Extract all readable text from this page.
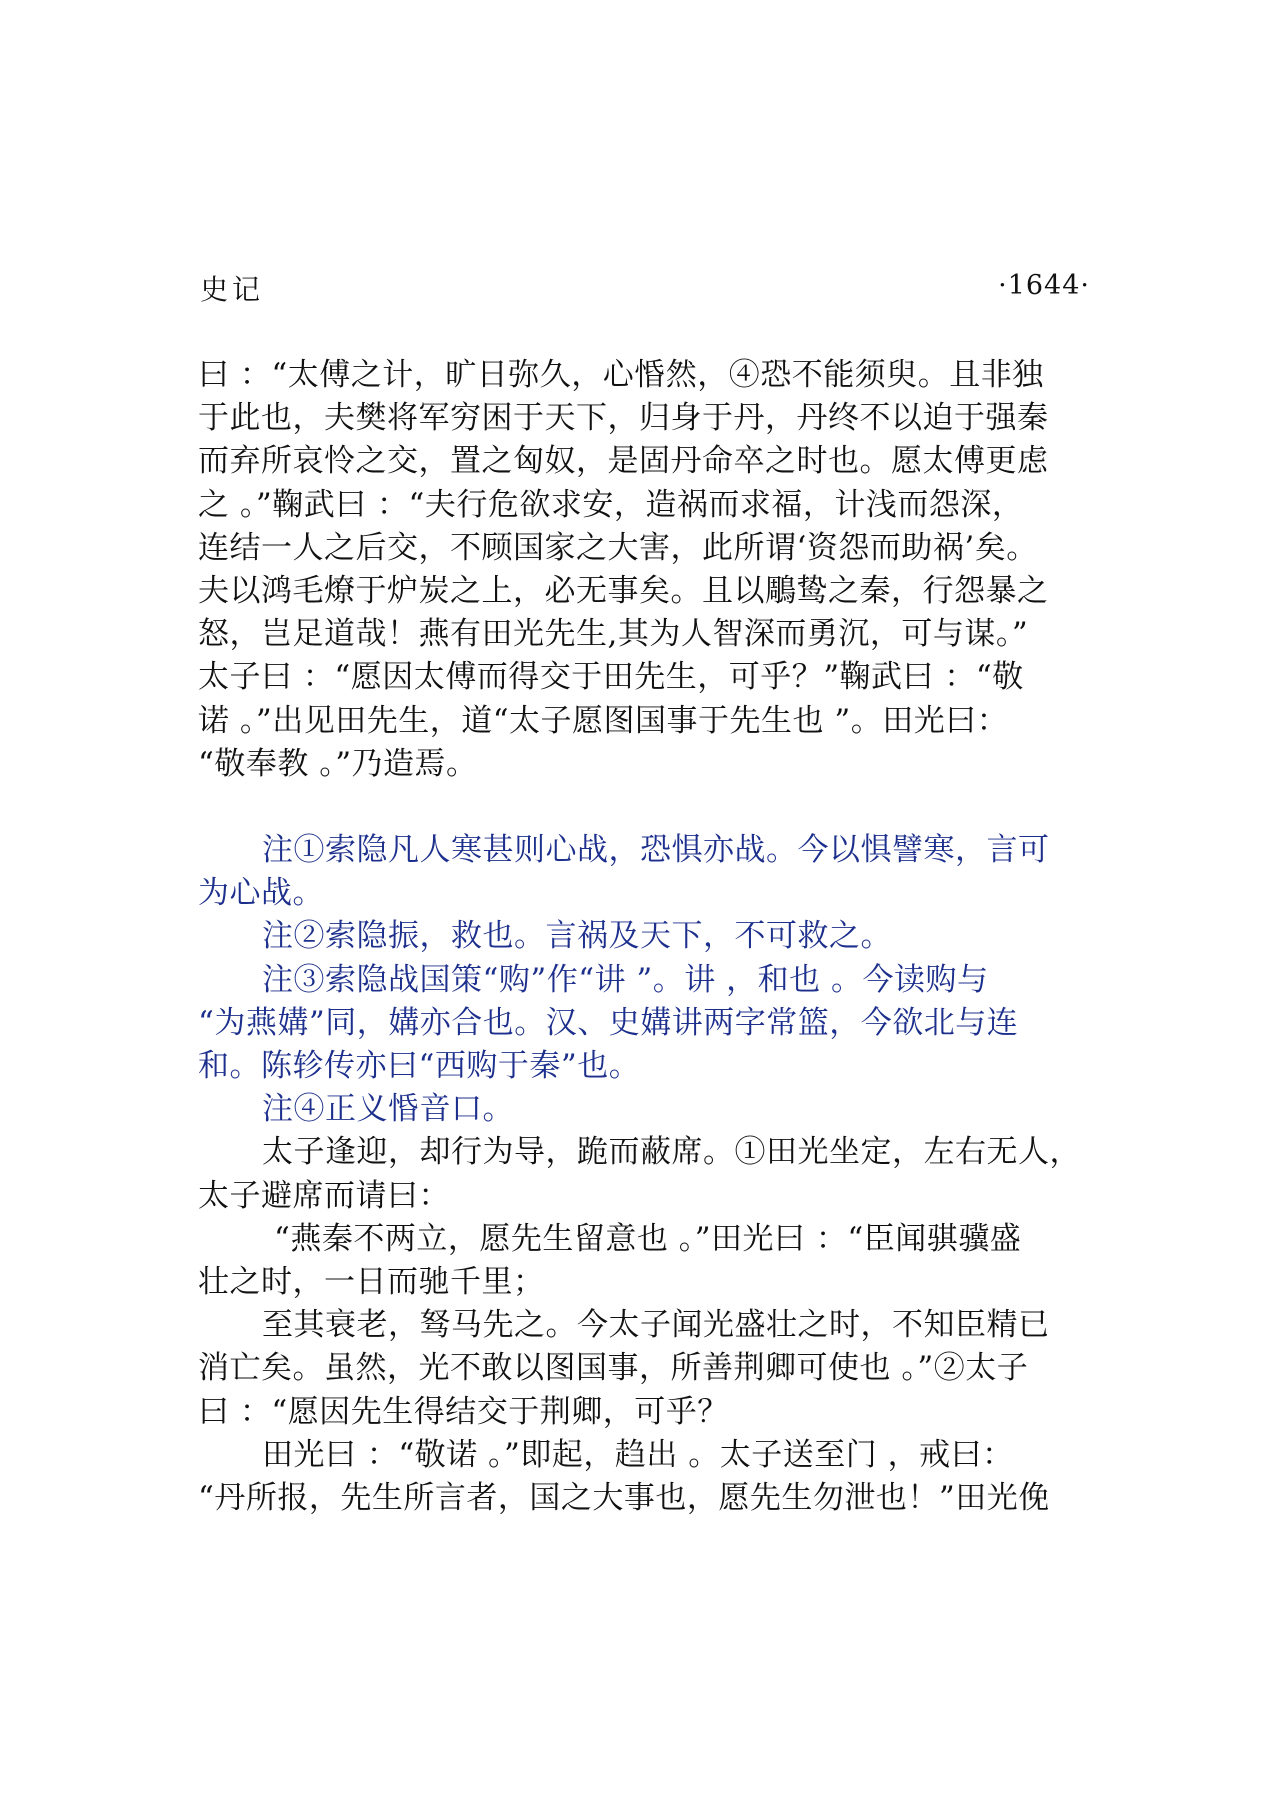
史记	·1644·
曰 ：“太傅之计，旷日弥久，心惛然，④恐不能须臾。且非独
于此也，夫樊将军穷困于天下，归身于丹，丹终不以迫于强秦
而弃所哀怜之交，置之匈奴，是固丹命卒之时也。愿太傅更虑
之 。”鞠武曰 ：“夫行危欲求安，造祸而求福，计浅而怨深，
连结一人之后交，不顾国家之大害，此所谓‘资怨而助祸’矣。
夫以鸿毛燎于炉炭之上，必无事矣。且以鵰鸷之秦，行怨暴之
怒，岂足道哉！燕有田光先生,其为人智深而勇沉，可与谋。”
太子曰 ：“愿因太傅而得交于田先生，可乎？”鞠武曰 ：“敬
诺 。”出见田先生，道“太子愿图国事于先生也 ”。田光曰：
“敬奉教 。”乃造焉。
注①索隐凡人寒甚则心战，恐惧亦战。今以惧譬寒，言可
为心战。
注②索隐振，救也。言祸及天下，不可救之。
注③索隐战国策“购”作“讲 ”。讲 ，和也 。今读购与
“为燕媾”同，媾亦合也。汉、史媾讲两字常篮，今欲北与连
和。陈轸传亦曰“西购于秦”也。
注④正义惛音口。
太子逢迎，却行为导，跪而蔽席。①田光坐定，左右无人，
太子避席而请曰：
“燕秦不两立，愿先生留意也 。”田光曰 ：“臣闻骐骥盛
壮之时，一日而驰千里；
至其衰老，驽马先之。今太子闻光盛壮之时，不知臣精已
消亡矣。虽然，光不敢以图国事，所善荆卿可使也 。”②太子
曰 ：“愿因先生得结交于荆卿，可乎？
田光曰 ：“敬诺 。”即起，趋出 。太子送至门 ，戒曰：
“丹所报，先生所言者，国之大事也，愿先生勿泄也！”田光俛
